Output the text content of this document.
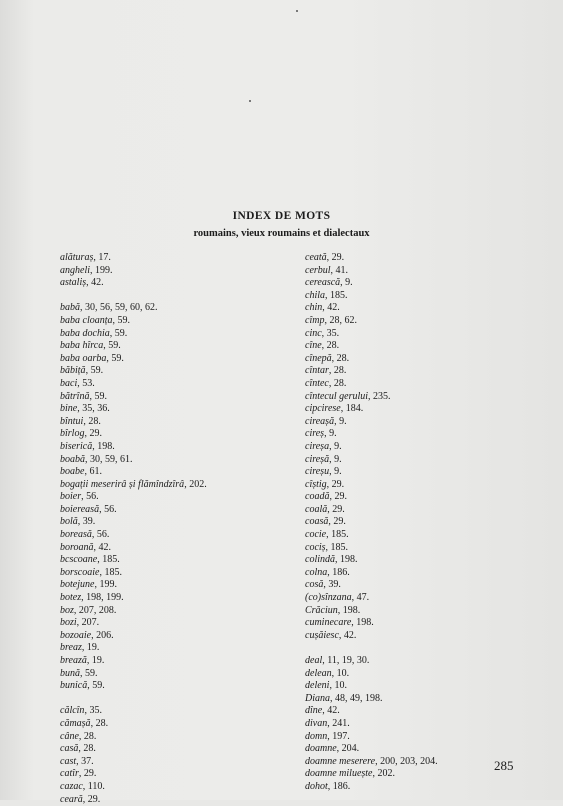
INDEX DE MOTS
roumains, vieux roumains et dialectaux
alăturaș, 17.
angheli, 199.
astaliș, 42.
babă, 30, 56, 59, 60, 62.
baba cloanța, 59.
baba dochia, 59.
baba hîrca, 59.
baba oarba, 59.
băbiță, 59.
baci, 53.
bătrînă, 59.
bine, 35, 36.
bîntui, 28.
bîrlog, 29.
biserică, 198.
boabă, 30, 59, 61.
boabe, 61.
bogații meserirâ și flămîndzîrâ, 202.
boier, 56.
boiereasă, 56.
bolă, 39.
boreasă, 56.
boroană, 42.
bcscoane, 185.
borscoaie, 185.
botejune, 199.
botez, 198, 199.
boz, 207, 208.
bozi, 207.
bozoaie, 206.
breaz, 19.
brează, 19.
bună, 59.
bunică, 59.
călcîn, 35.
cămașă, 28.
câne, 28.
casă, 28.
cast, 37.
catîr, 29.
cazac, 110.
ceară, 29.
ceată, 29.
cerbul, 41.
cerească, 9.
chila, 185.
chin, 42.
cîmp, 28, 62.
cinc, 35.
cîne, 28.
cînepă, 28.
cîntar, 28.
cîntec, 28.
cîntecul gerului, 235.
cipcirese, 184.
cireașă, 9.
cireș, 9.
cireșa, 9.
cireșă, 9.
cireșu, 9.
cîștig, 29.
coadă, 29.
coală, 29.
coasă, 29.
cocie, 185.
cociș, 185.
colindă, 198.
colna, 186.
cosă, 39.
(co)sînzana, 47.
Crăciun, 198.
cuminecare, 198.
cușăiesc, 42.
deal, 11, 19, 30.
delean, 10.
deleni, 10.
Diana, 48, 49, 198.
dîne, 42.
divan, 241.
domn, 197.
doamne, 204.
doamne meserere, 200, 203, 204.
doamne miluește, 202.
dohot, 186.
285
